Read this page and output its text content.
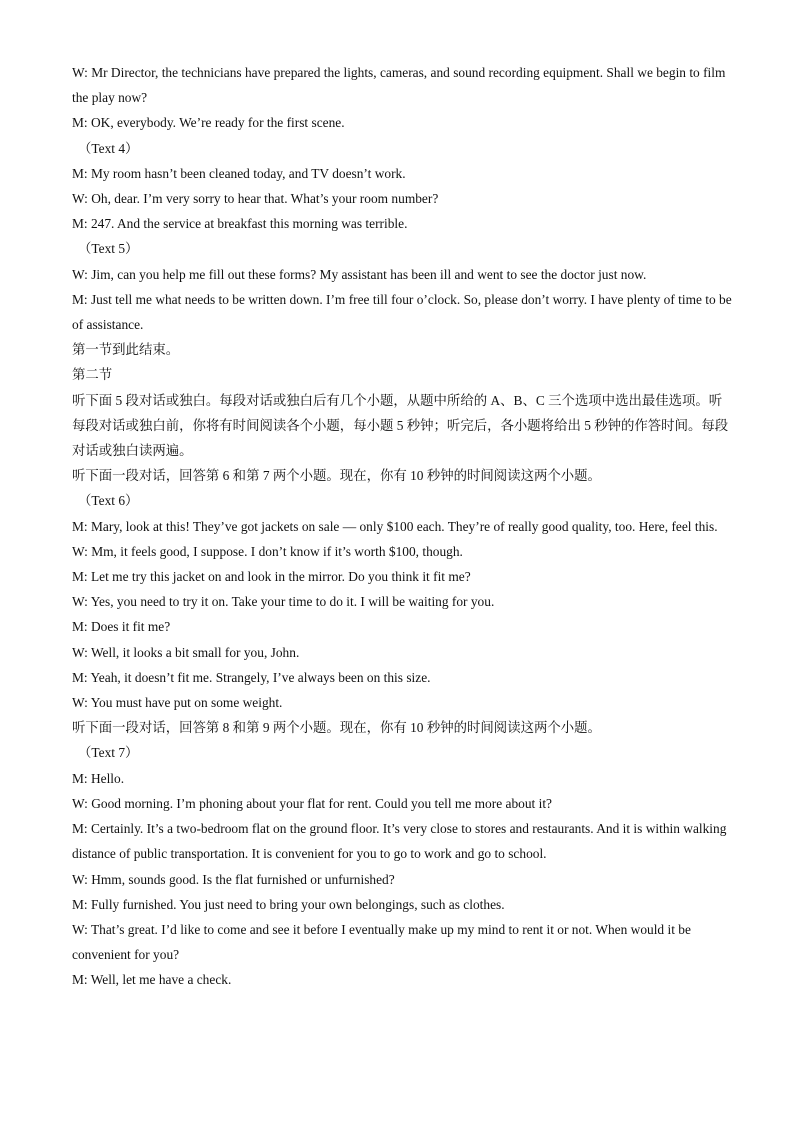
W: Mr Director, the technicians have prepared the lights, cameras, and sound recording equipment. Shall we begin to film the play now?
M: OK, everybody. We’re ready for the first scene.
（Text 4）
M: My room hasn’t been cleaned today, and TV doesn’t work.
W: Oh, dear. I’m very sorry to hear that. What’s your room number?
M: 247. And the service at breakfast this morning was terrible.
（Text 5）
W: Jim, can you help me fill out these forms? My assistant has been ill and went to see the doctor just now.
M: Just tell me what needs to be written down. I’m free till four o’clock. So, please don’t worry. I have plenty of time to be of assistance.
第一节到此结束。
第二节
听下面 5 段对话或独白。每段对话或独白后有几个小题，从题中所给的 A、B、C 三个选项中选出最佳选项。听每段对话或独白前，你将有时间阅读各个小题，每小题 5 秒钟；听完后，各小题将给出 5 秒钟的作答时间。每段对话或独白读两遍。
听下面一段对话，回答第 6 和第 7 两个小题。现在，你有 10 秒钟的时间阅读这两个小题。
（Text 6）
M: Mary, look at this! They’ve got jackets on sale — only $100 each. They’re of really good quality, too. Here, feel this.
W: Mm, it feels good, I suppose. I don’t know if it’s worth $100, though.
M: Let me try this jacket on and look in the mirror. Do you think it fit me?
W: Yes, you need to try it on. Take your time to do it. I will be waiting for you.
M: Does it fit me?
W: Well, it looks a bit small for you, John.
M: Yeah, it doesn’t fit me. Strangely, I’ve always been on this size.
W: You must have put on some weight.
听下面一段对话，回答第 8 和第 9 两个小题。现在，你有 10 秒钟的时间阅读这两个小题。
（Text 7）
M: Hello.
W: Good morning. I’m phoning about your flat for rent. Could you tell me more about it?
M: Certainly. It’s a two-bedroom flat on the ground floor. It’s very close to stores and restaurants. And it is within walking distance of public transportation. It is convenient for you to go to work and go to school.
W: Hmm, sounds good. Is the flat furnished or unfurnished?
M: Fully furnished. You just need to bring your own belongings, such as clothes.
W: That’s great. I’d like to come and see it before I eventually make up my mind to rent it or not. When would it be convenient for you?
M: Well, let me have a check.
